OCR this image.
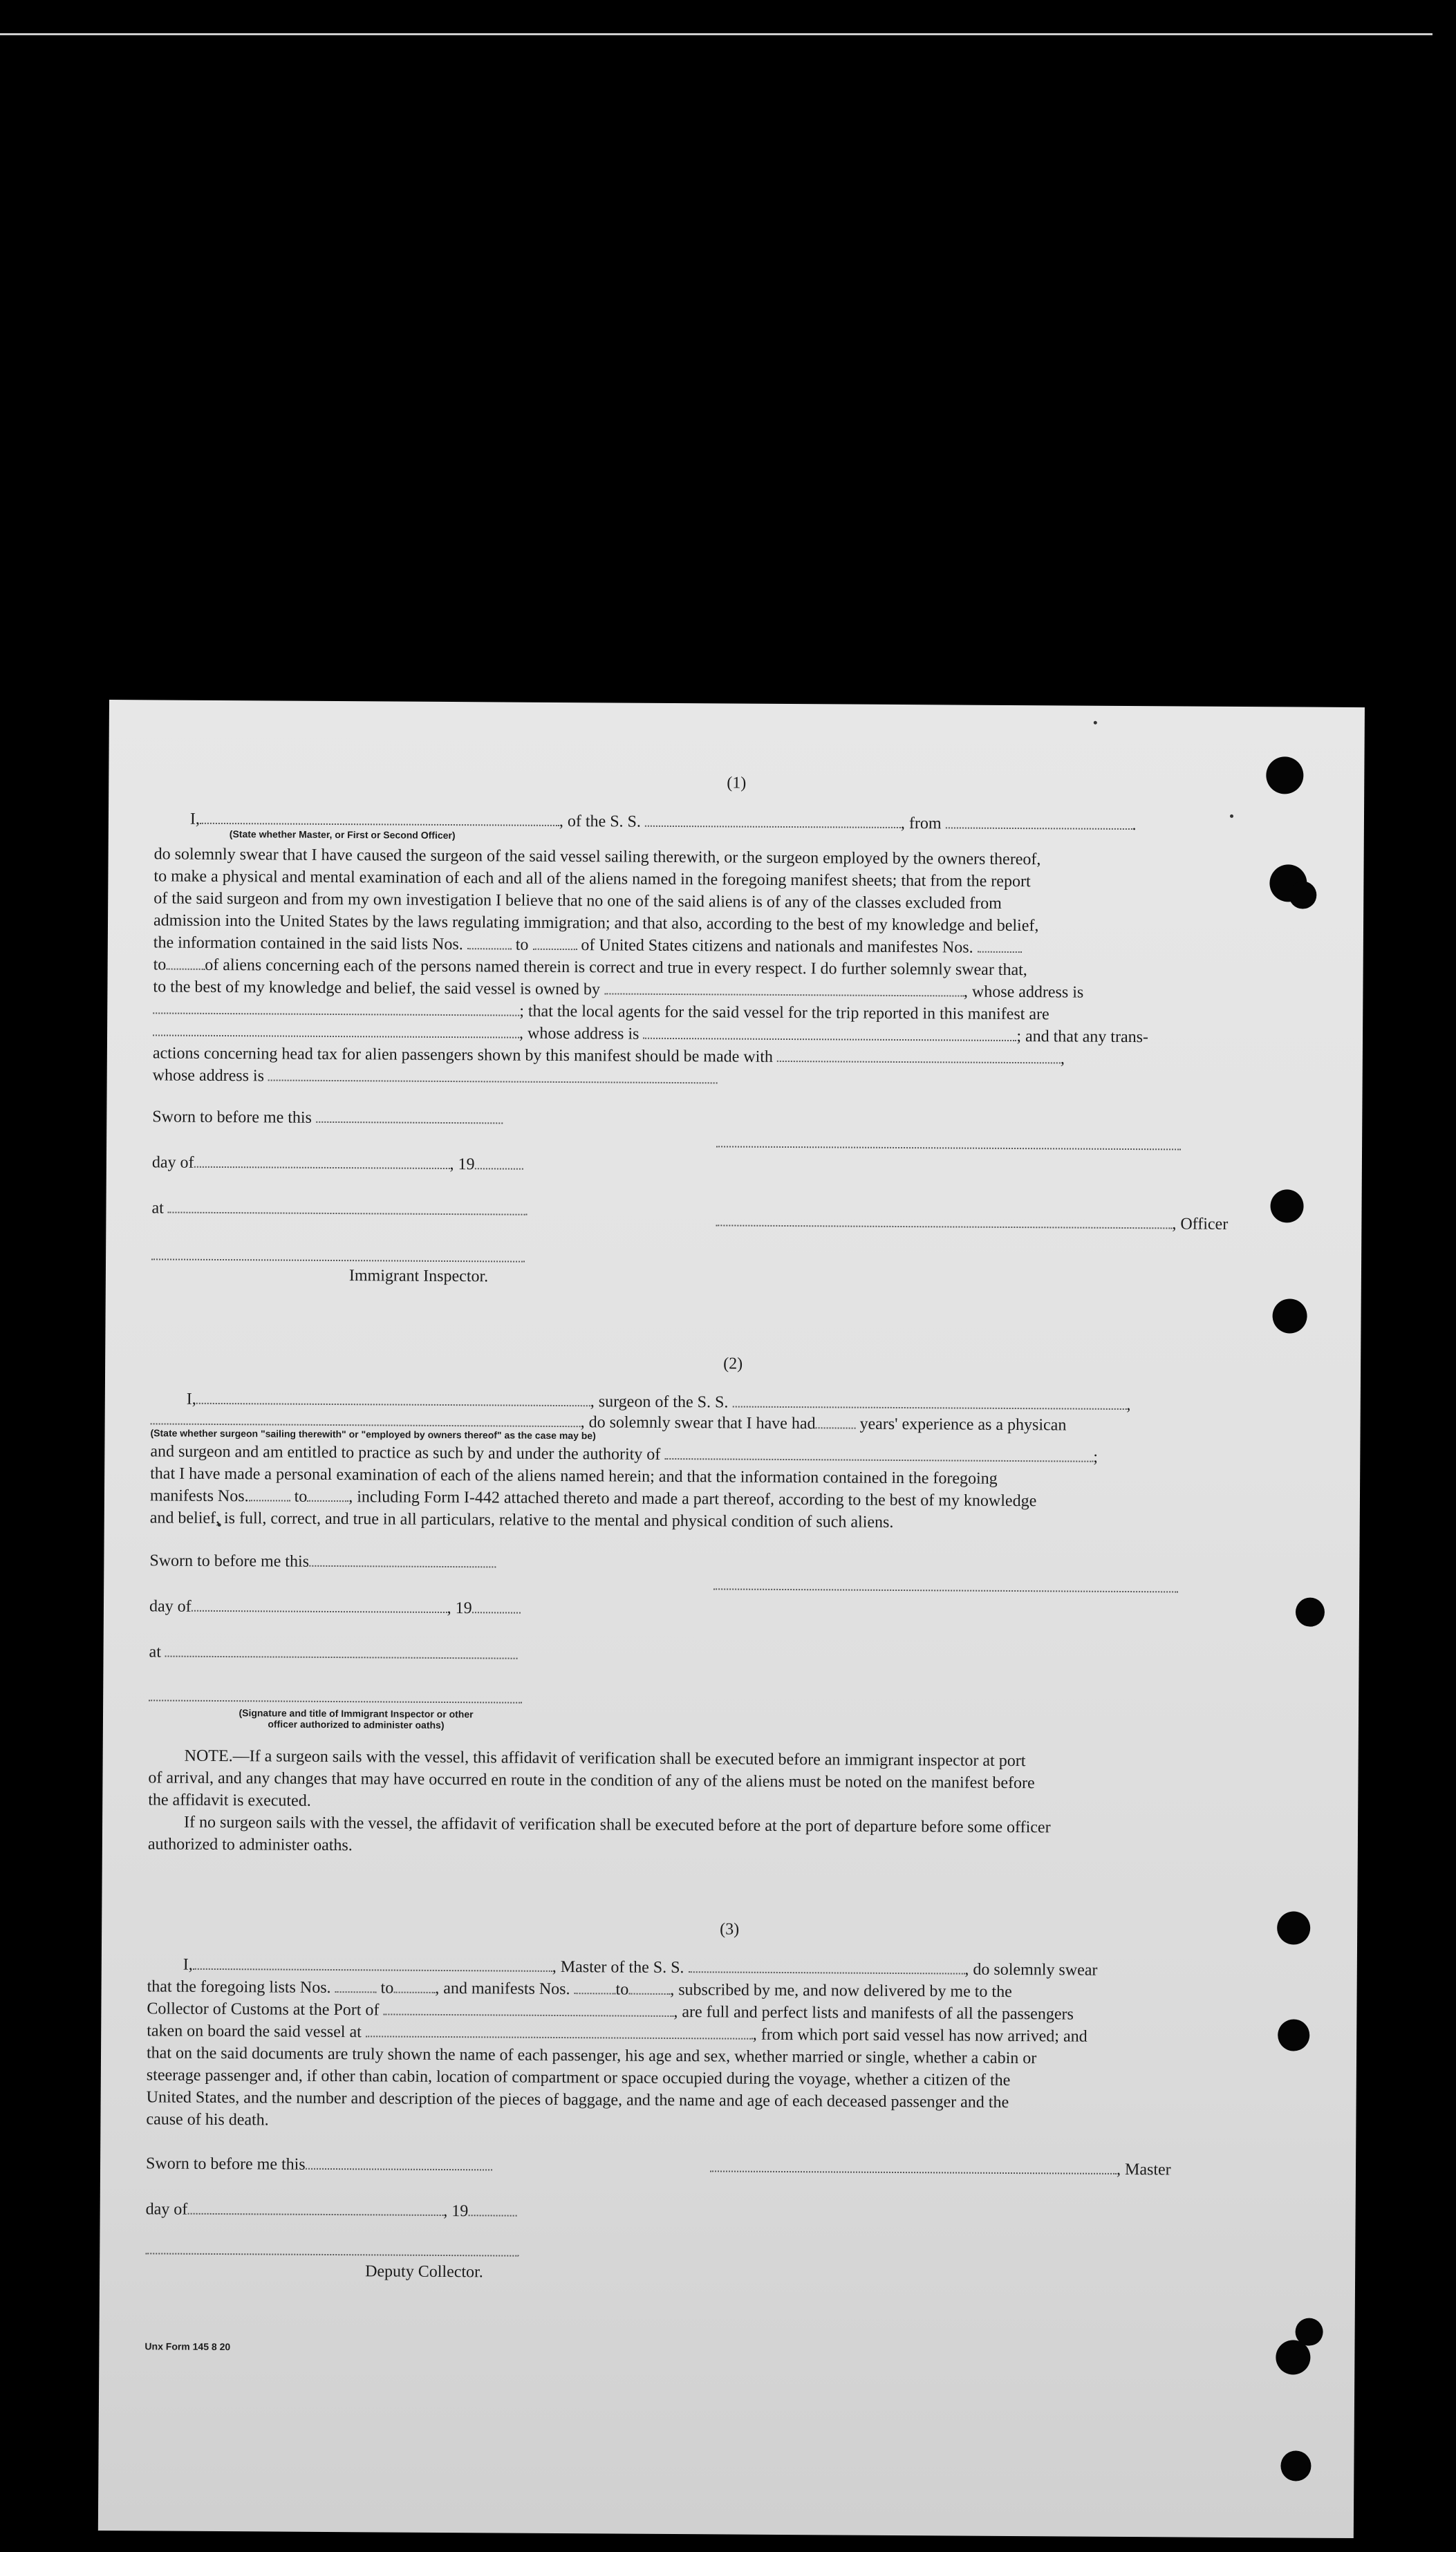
(1)
I,	, of the S. S.	, from	.
(State whether Master, or First or Second Officer)
do solemnly swear that I have caused the surgeon of the said vessel sailing therewith, or the surgeon employed by the owners thereof,
to make a physical and mental examination of each and all of the aliens named in the foregoing manifest sheets; that from the report
of the said surgeon and from my own investigation I believe that no one of the said aliens is of any of the classes excluded from
admission into the United States by the laws regulating immigration; and that also, according to the best of my knowledge and belief,
the information contained in the said lists Nos.	to	of United States citizens and nationals and manifestes Nos.
to of aliens concerning each of the persons named therein is correct and true in every respect. I do further solemnly swear that,
to the best of my knowledge and belief, the said vessel is owned by	, whose address is
; that the local agents for the said vessel for the trip reported in this manifest are
, whose address is	; and that any trans-
actions concerning head tax for alien passengers shown by this manifest should be made with	,
whose address is
Sworn to before me this
day of	, 19
at
, Officer
Immigrant Inspector.
(2)
I,	, surgeon of the S. S.	,
, do solemnly swear that I have had	years' experience as a physican
(State whether surgeon "sailing therewith" or "employed by owners thereof" as the case may be)
and surgeon and am entitled to practice as such by and under the authority of	;
that I have made a personal examination of each of the aliens named herein; and that the information contained in the foregoing
manifests Nos.	to , including Form I-442 attached thereto and made a part thereof, according to the best of my knowledge
and belief, is full, correct, and true in all particulars, relative to the mental and physical condition of such aliens.
Sworn to before me this
day of	, 19
at
(Signature and title of Immigrant Inspector or other
officer authorized to administer oaths)
NOTE.—If a surgeon sails with the vessel, this affidavit of verification shall be executed before an immigrant inspector at port
of arrival, and any changes that may have occurred en route in the condition of any of the aliens must be noted on the manifest before
the affidavit is executed.
If no surgeon sails with the vessel, the affidavit of verification shall be executed before at the port of departure before some officer
authorized to administer oaths.
(3)
I,	, Master of the S. S.	, do solemnly swear
that the foregoing lists Nos.	to , and manifests Nos.	to , subscribed by me, and now delivered by me to the
Collector of Customs at the Port of	, are full and perfect lists and manifests of all the passengers
taken on board the said vessel at	, from which port said vessel has now arrived; and
that on the said documents are truly shown the name of each passenger, his age and sex, whether married or single, whether a cabin or
steerage passenger and, if other than cabin, location of compartment or space occupied during the voyage, whether a citizen of the
United States, and the number and description of the pieces of baggage, and the name and age of each deceased passenger and the
cause of his death.
Sworn to before me this	, Master
day of	, 19
Deputy Collector.
Unx Form 145 8 20
